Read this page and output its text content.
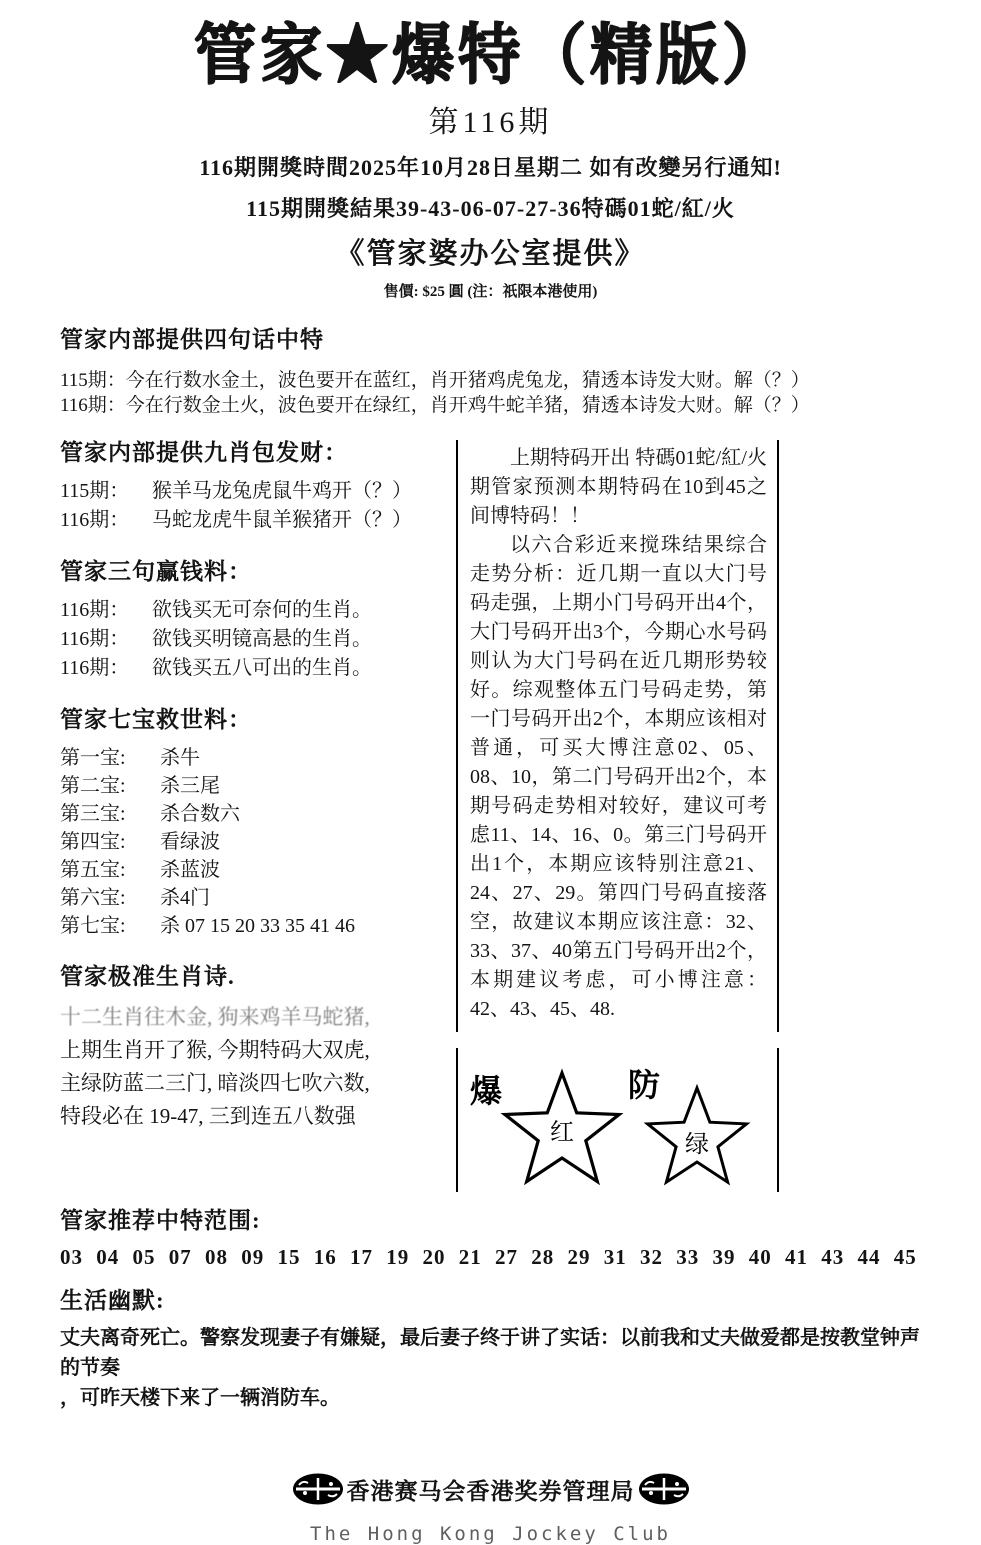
管家★爆特（精版）
第116期
116期開獎時間2025年10月28日星期二 如有改變另行通知!
115期開獎結果39-43-06-07-27-36特碼01蛇/紅/火
《管家婆办公室提供》
售價: $25 圓 (注：祇限本港使用)
管家内部提供四句话中特

115期：今在行数水金土，波色要开在蓝红，肖开猪鸡虎兔龙，猜透本诗发大财。解（？）

116期：今在行数金土火，波色要开在绿红，肖开鸡牛蛇羊猪，猜透本诗发大财。解（？）

管家内部提供九肖包发财：
115期：	猴羊马龙兔虎鼠牛鸡开（？）
116期：	马蛇龙虎牛鼠羊猴猪开（？）
管家三句赢钱料：
116期：	欲钱买无可奈何的生肖。
116期：	欲钱买明镜高悬的生肖。
116期：	欲钱买五八可出的生肖。
管家七宝救世料：
第一宝:	杀牛
第二宝:	杀三尾
第三宝:	杀合数六
第四宝:	看绿波
第五宝:	杀蓝波
第六宝:	杀4门
第七宝:	杀 07 15 20 33 35 41 46
管家极准生肖诗.

十二生肖往木金, 狗来鸡羊马蛇猪,

上期生肖开了猴, 今期特码大双虎,

主绿防蓝二三门, 暗淡四七吹六数,

特段必在 19-47, 三到连五八数强

上期特码开出 特碼01蛇/紅/火期管家预测本期特码在10到45之间博特码！！

以六合彩近来搅珠结果综合走势分析：近几期一直以大门号码走强，上期小门号码开出4个，大门号码开出3个，今期心水号码则认为大门号码在近几期形势较好。综观整体五门号码走势，第一门号码开出2个，本期应该相对普通，可买大博注意02、05、08、10，第二门号码开出2个，本期号码走势相对较好，建议可考虑11、14、16、0。第三门号码开出1个，本期应该特别注意21、24、27、29。第四门号码直接落空，故建议本期应该注意：32、33、37、40第五门号码开出2个，本期建议考虑，可小博注意：42、43、45、48.

爆
红
防
绿
管家推荐中特范围:
03 04 05 07 08 09 15 16 17 19 20 21 27 28 29 31 32 33 39 40 41 43 44 45
生活幽默:

丈夫离奇死亡。警察发现妻子有嫌疑，最后妻子终于讲了实话：以前我和丈夫做爱都是按教堂钟声的节奏

，可昨天楼下来了一辆消防车。

香港赛马会香港奖券管理局
The Hong Kong Jockey Club
